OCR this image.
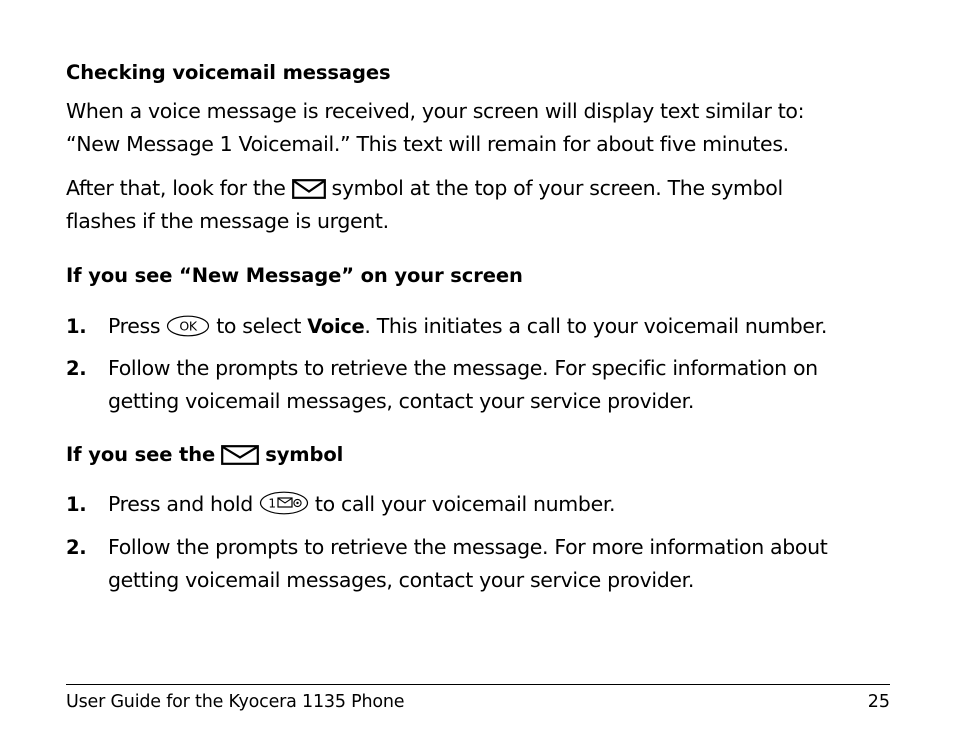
Checking voicemail messages
When a voice message is received, your screen will display text similar to:
“New Message 1 Voicemail.” This text will remain for about five minutes.
After that, look for the symbol at the top of your screen. The symbol
flashes if the message is urgent.
If you see “New Message” on your screen
1. Press OK to select Voice. This initiates a call to your voicemail number.
2. Follow the prompts to retrieve the message. For specific information on
getting voicemail messages, contact your service provider.
If you see the	symbol
1. Press and hold 1 to call your voicemail number.
2. Follow the prompts to retrieve the message. For more information about
getting voicemail messages, contact your service provider.
User Guide for the Kyocera 1135 Phone	25
